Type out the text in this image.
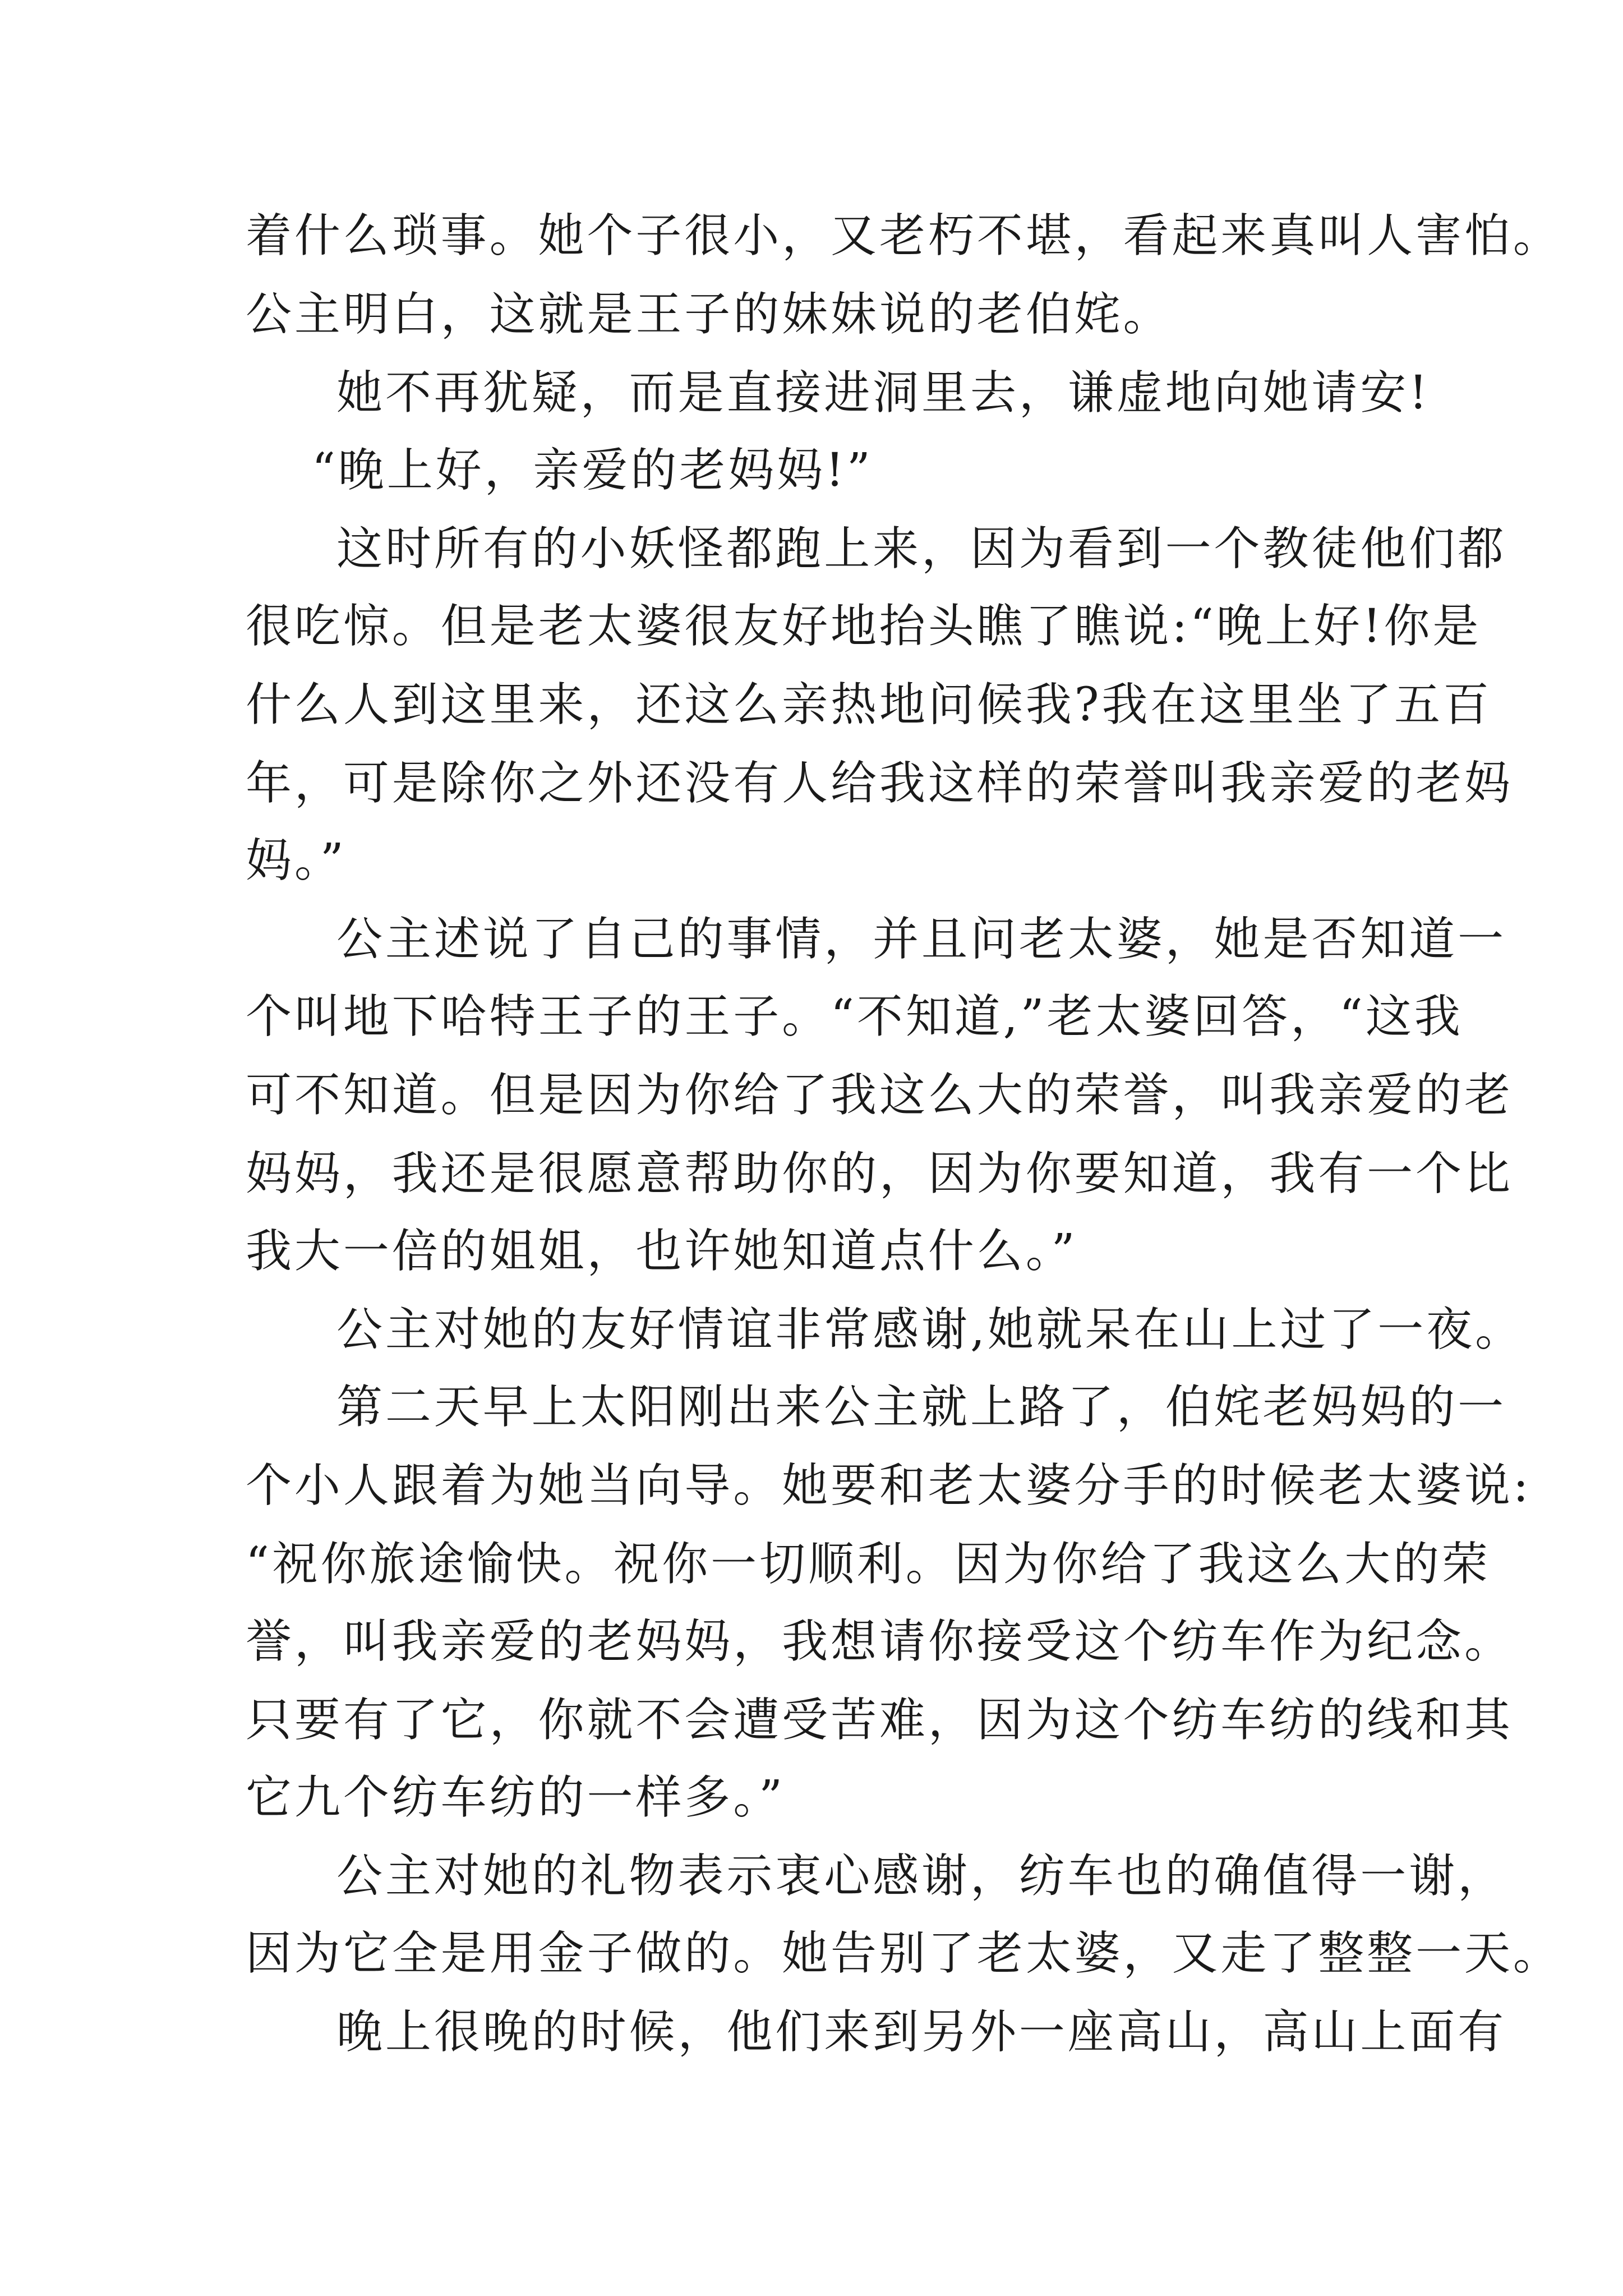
着什么琐事。她个子很小，又老朽不堪，看起来真叫人害怕。
公主明白，这就是王子的妹妹说的老伯姹。
她不再犹疑，而是直接进洞里去，谦虚地向她请安!
“晚上好，亲爱的老妈妈!”
这时所有的小妖怪都跑上来，因为看到一个教徒他们都
很吃惊。但是老太婆很友好地抬头瞧了瞧说:“晚上好!你是
什么人到这里来，还这么亲热地问候我?我在这里坐了五百
年，可是除你之外还没有人给我这样的荣誉叫我亲爱的老妈
妈。”
公主述说了自己的事情，并且问老太婆，她是否知道一
个叫地下哈特王子的王子。“不知道,”老太婆回答，“这我
可不知道。但是因为你给了我这么大的荣誉，叫我亲爱的老
妈妈，我还是很愿意帮助你的，因为你要知道，我有一个比
我大一倍的姐姐，也许她知道点什么。”
公主对她的友好情谊非常感谢,她就呆在山上过了一夜。
第二天早上太阳刚出来公主就上路了，伯姹老妈妈的一
个小人跟着为她当向导。她要和老太婆分手的时候老太婆说:
“祝你旅途愉快。祝你一切顺利。因为你给了我这么大的荣
誉，叫我亲爱的老妈妈，我想请你接受这个纺车作为纪念。
只要有了它，你就不会遭受苦难，因为这个纺车纺的线和其
它九个纺车纺的一样多。”
公主对她的礼物表示衷心感谢，纺车也的确值得一谢，
因为它全是用金子做的。她告别了老太婆，又走了整整一天。
晚上很晚的时候，他们来到另外一座高山，高山上面有
